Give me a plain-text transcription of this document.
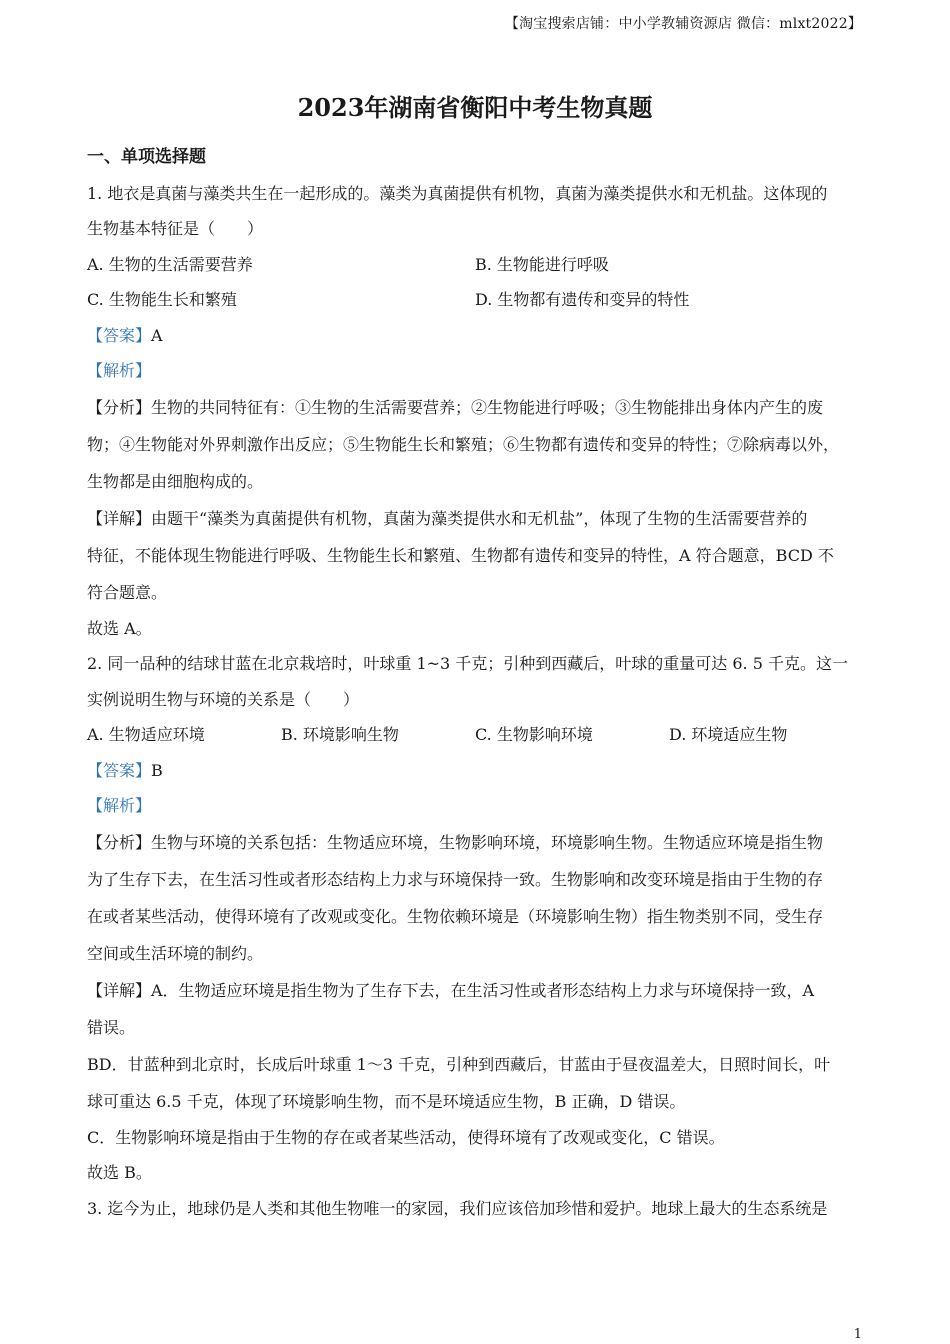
【淘宝搜索店铺：中小学教辅资源店 微信：mlxt2022】
2023年湖南省衡阳中考生物真题
一、单项选择题
1. 地衣是真菌与藻类共生在一起形成的。藻类为真菌提供有机物，真菌为藻类提供水和无机盐。这体现的
生物基本特征是（　　）
A. 生物的生活需要营养	B. 生物能进行呼吸
C. 生物能生长和繁殖	D. 生物都有遗传和变异的特性
【答案】A
【解析】
【分析】生物的共同特征有：①生物的生活需要营养；②生物能进行呼吸；③生物能排出身体内产生的废
物；④生物能对外界刺激作出反应；⑤生物能生长和繁殖；⑥生物都有遗传和变异的特性；⑦除病毒以外，
生物都是由细胞构成的。
【详解】由题干“藻类为真菌提供有机物，真菌为藻类提供水和无机盐”，体现了生物的生活需要营养的
特征，不能体现生物能进行呼吸、生物能生长和繁殖、生物都有遗传和变异的特性，A 符合题意，BCD 不
符合题意。
故选 A。
2. 同一品种的结球甘蓝在北京栽培时，叶球重 1~3 千克；引种到西藏后，叶球的重量可达 6. 5 千克。这一
实例说明生物与环境的关系是（　　）
A. 生物适应环境	B. 环境影响生物	C. 生物影响环境	D. 环境适应生物
【答案】B
【解析】
【分析】生物与环境的关系包括：生物适应环境，生物影响环境，环境影响生物。生物适应环境是指生物
为了生存下去，在生活习性或者形态结构上力求与环境保持一致。生物影响和改变环境是指由于生物的存
在或者某些活动，使得环境有了改观或变化。生物依赖环境是（环境影响生物）指生物类别不同，受生存
空间或生活环境的制约。
【详解】A．生物适应环境是指生物为了生存下去，在生活习性或者形态结构上力求与环境保持一致，A
错误。
BD．甘蓝种到北京时，长成后叶球重 1～3 千克，引种到西藏后，甘蓝由于昼夜温差大，日照时间长，叶
球可重达 6.5 千克，体现了环境影响生物，而不是环境适应生物，B 正确，D 错误。
C．生物影响环境是指由于生物的存在或者某些活动，使得环境有了改观或变化，C 错误。
故选 B。
3. 迄今为止，地球仍是人类和其他生物唯一的家园，我们应该倍加珍惜和爱护。地球上最大的生态系统是
1
